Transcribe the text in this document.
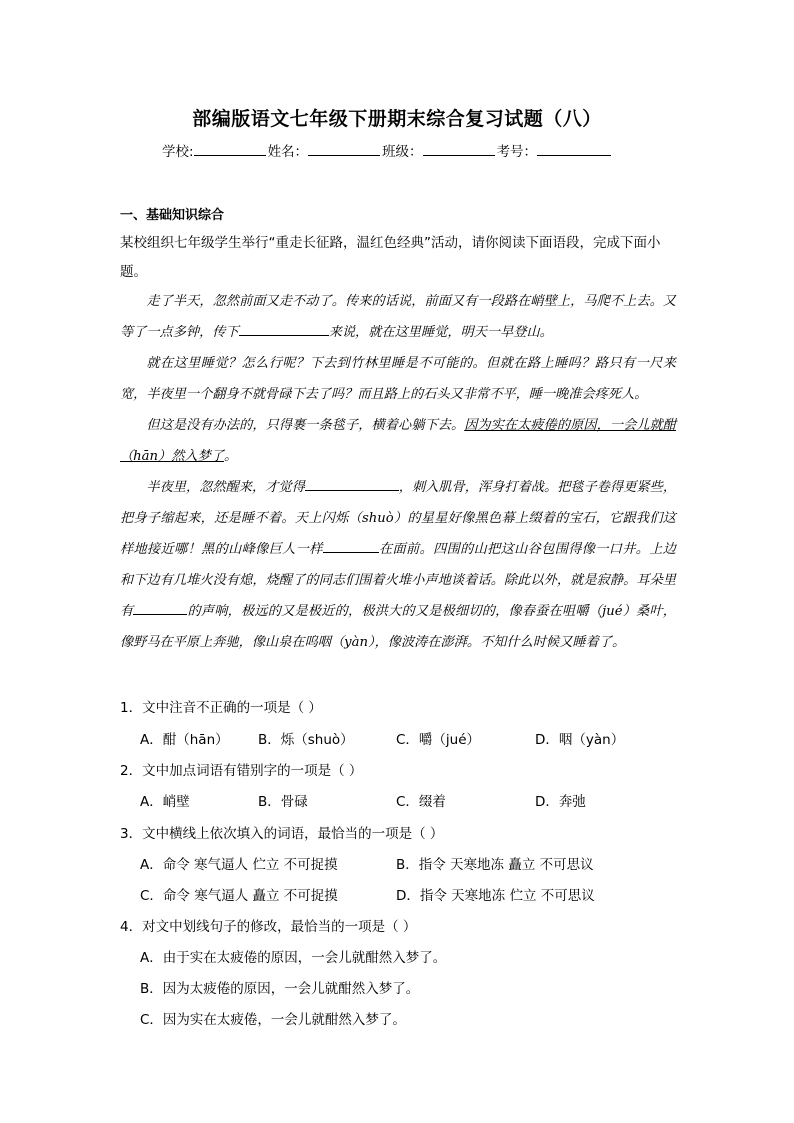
部编版语文七年级下册期末综合复习试题（八）
学校:	姓名：	班级：	考号：
一、基础知识综合
某校组织七年级学生举行“重走长征路，温红色经典”活动，请你阅读下面语段，完成下面小题。

走了半天，忽然前面又走不动了。传来的话说，前面又有一段路在峭壁上，马爬不上去。又等了一点多钟，传下	来说，就在这里睡觉，明天一早登山。

就在这里睡觉？怎么行呢？下去到竹林里睡是不可能的。但就在路上睡吗？路只有一尺来宽，半夜里一个翻身不就骨碌下去了吗？而且路上的石头又非常不平，睡一晚准会疼死人。

但这是没有办法的，只得裹一条毯子，横着心躺下去。因为实在太疲倦的原因，一会儿就酣（hān）然入梦了。

半夜里，忽然醒来，才觉得	，刺入肌骨，浑身打着战。把毯子卷得更紧些，把身子缩起来，还是睡不着。天上闪烁（shuò）的星星好像黑色幕上缀着的宝石，它跟我们这样地接近哪！黑的山峰像巨人一样	在面前。四围的山把这山谷包围得像一口井。上边和下边有几堆火没有熄，烧醒了的同志们围着火堆小声地谈着话。除此以外，就是寂静。耳朵里有	的声响，极远的又是极近的，极洪大的又是极细切的，像春蚕在咀嚼（jué）桑叶，像野马在平原上奔驰，像山泉在呜咽（yàn），像波涛在澎湃。不知什么时候又睡着了。

1．文中注音不正确的一项是（ ）
A．酣（hān） B．烁（shuò）	C．嚼（jué）	D．咽（yàn）
2．文中加点词语有错别字的一项是（ ）
A．峭壁	B．骨碌	C．缀着	D．奔弛
3．文中横线上依次填入的词语，最恰当的一项是（ ）
A．命令 寒气逼人 伫立 不可捉摸	B．指令 天寒地冻 矗立 不可思议
C．命令 寒气逼人 矗立 不可捉摸	D．指令 天寒地冻 伫立 不可思议
4．对文中划线句子的修改，最恰当的一项是（ ）
A．由于实在太疲倦的原因，一会儿就酣然入梦了。
B．因为太疲倦的原因，一会儿就酣然入梦了。
C．因为实在太疲倦，一会儿就酣然入梦了。
